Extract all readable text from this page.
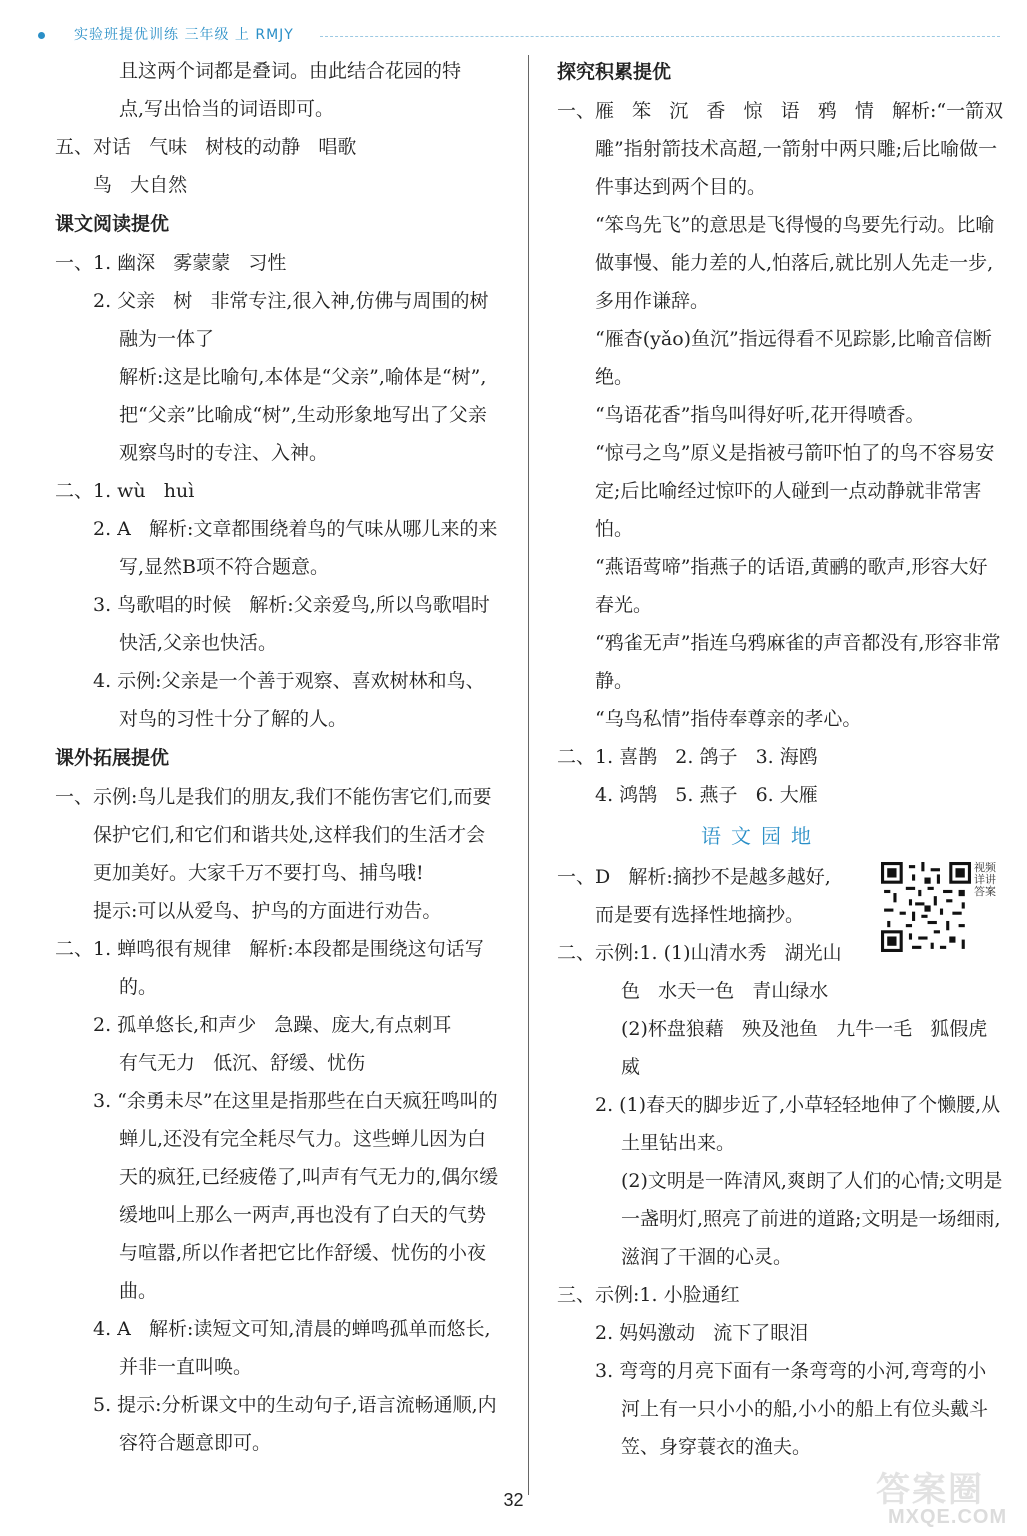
实验班提优训练 三年级 上 RMJY

且这两个词都是叠词。由此结合花园的特

点,写出恰当的词语即可。

五、对话   气味   树枝的动静   唱歌

鸟   大自然

课文阅读提优

一、1. 幽深   雾蒙蒙   习性

2. 父亲   树   非常专注,很入神,仿佛与周围的树融为一体了

解析:这是比喻句,本体是“父亲”,喻体是“树”,把“父亲”比喻成“树”,生动形象地写出了父亲观察鸟时的专注、入神。

二、1. wù   huì

2. A   解析:文章都围绕着鸟的气味从哪儿来的来写,显然B项不符合题意。

3. 鸟歌唱的时候   解析:父亲爱鸟,所以鸟歌唱时快活,父亲也快活。

4. 示例:父亲是一个善于观察、喜欢树林和鸟、对鸟的习性十分了解的人。

课外拓展提优

一、示例:鸟儿是我们的朋友,我们不能伤害它们,而要保护它们,和它们和谐共处,这样我们的生活才会更加美好。大家千万不要打鸟、捕鸟哦!

提示:可以从爱鸟、护鸟的方面进行劝告。

二、1. 蝉鸣很有规律   解析:本段都是围绕这句话写的。

2. 孤单悠长,和声少   急躁、庞大,有点刺耳

有气无力   低沉、舒缓、忧伤

3. “余勇未尽”在这里是指那些在白天疯狂鸣叫的蝉儿,还没有完全耗尽气力。这些蝉儿因为白天的疯狂,已经疲倦了,叫声有气无力的,偶尔缓缓地叫上那么一两声,再也没有了白天的气势与喧嚣,所以作者把它比作舒缓、忧伤的小夜曲。

4. A   解析:读短文可知,清晨的蝉鸣孤单而悠长,并非一直叫唤。

5. 提示:分析课文中的生动句子,语言流畅通顺,内容符合题意即可。

探究积累提优

一、雁   笨   沉   香   惊   语   鸦   情   解析:“一箭双雕”指射箭技术高超,一箭射中两只雕;后比喻做一件事达到两个目的。

“笨鸟先飞”的意思是飞得慢的鸟要先行动。比喻做事慢、能力差的人,怕落后,就比别人先走一步,多用作谦辞。

“雁杳(yǎo)鱼沉”指远得看不见踪影,比喻音信断绝。

“鸟语花香”指鸟叫得好听,花开得喷香。

“惊弓之鸟”原义是指被弓箭吓怕了的鸟不容易安定;后比喻经过惊吓的人碰到一点动静就非常害怕。

“燕语莺啼”指燕子的话语,黄鹂的歌声,形容大好春光。

“鸦雀无声”指连乌鸦麻雀的声音都没有,形容非常静。

“乌鸟私情”指侍奉尊亲的孝心。

二、1. 喜鹊   2. 鸽子   3. 海鸥

4. 鸿鹄   5. 燕子   6. 大雁

语文园地

一、D   解析:摘抄不是越多越好,

而是要有选择性地摘抄。

二、示例:1. (1)山清水秀   湖光山

色   水天一色   青山绿水

(2)杯盘狼藉   殃及池鱼   九牛一毛   狐假虎威

2. (1)春天的脚步近了,小草轻轻地伸了个懒腰,从土里钻出来。

(2)文明是一阵清风,爽朗了人们的心情;文明是一盏明灯,照亮了前进的道路;文明是一场细雨,滋润了干涸的心灵。

三、示例:1. 小脸通红

2. 妈妈激动   流下了眼泪

3. 弯弯的月亮下面有一条弯弯的小河,弯弯的小河上有一只小小的船,小小的船上有位头戴斗笠、身穿蓑衣的渔夫。

视频详讲答案
32	答案圈
MXQE.COM
